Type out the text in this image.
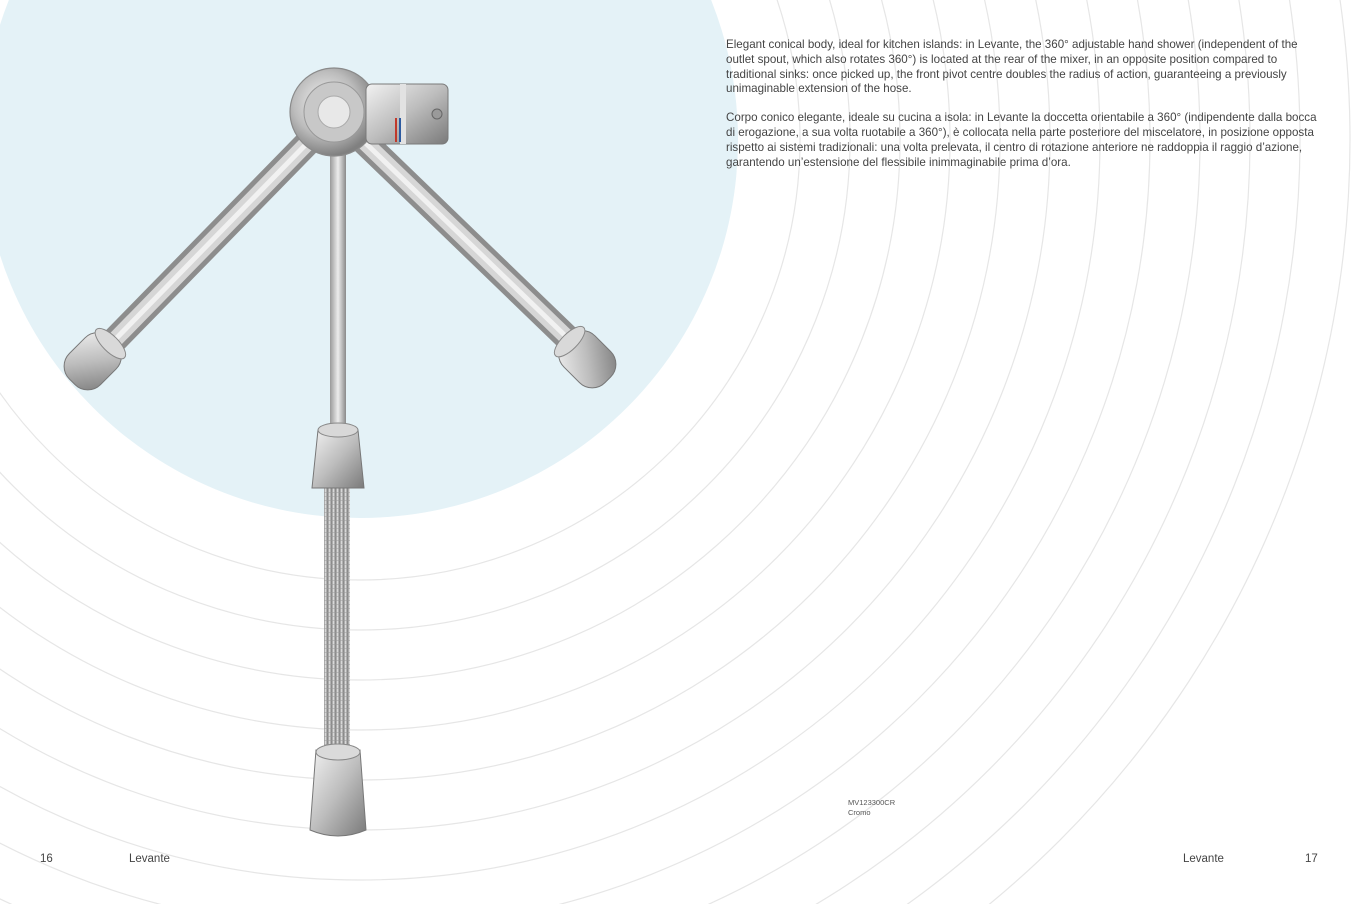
Elegant conical body, ideal for kitchen islands: in Levante, the 360° adjustable hand shower (independent of the outlet spout, which also rotates 360°) is located at the rear of the mixer, in an opposite position compared to traditional sinks: once picked up, the front pivot centre doubles the radius of action, guaranteeing a previously unimaginable extension of the hose.

Corpo conico elegante, ideale su cucina a isola: in Levante la doccetta orientabile a 360° (indipendente dalla bocca di erogazione, a sua volta ruotabile a 360°), è collocata nella parte posteriore del miscelatore, in posizione opposta rispetto ai sistemi tradizionali: una volta prelevata, il centro di rotazione anteriore ne raddoppia il raggio d’azione, garantendo un’estensione del flessibile inimmaginabile prima d’ora.

MV123300CR
Cromo
16	Levante	Levante	17
